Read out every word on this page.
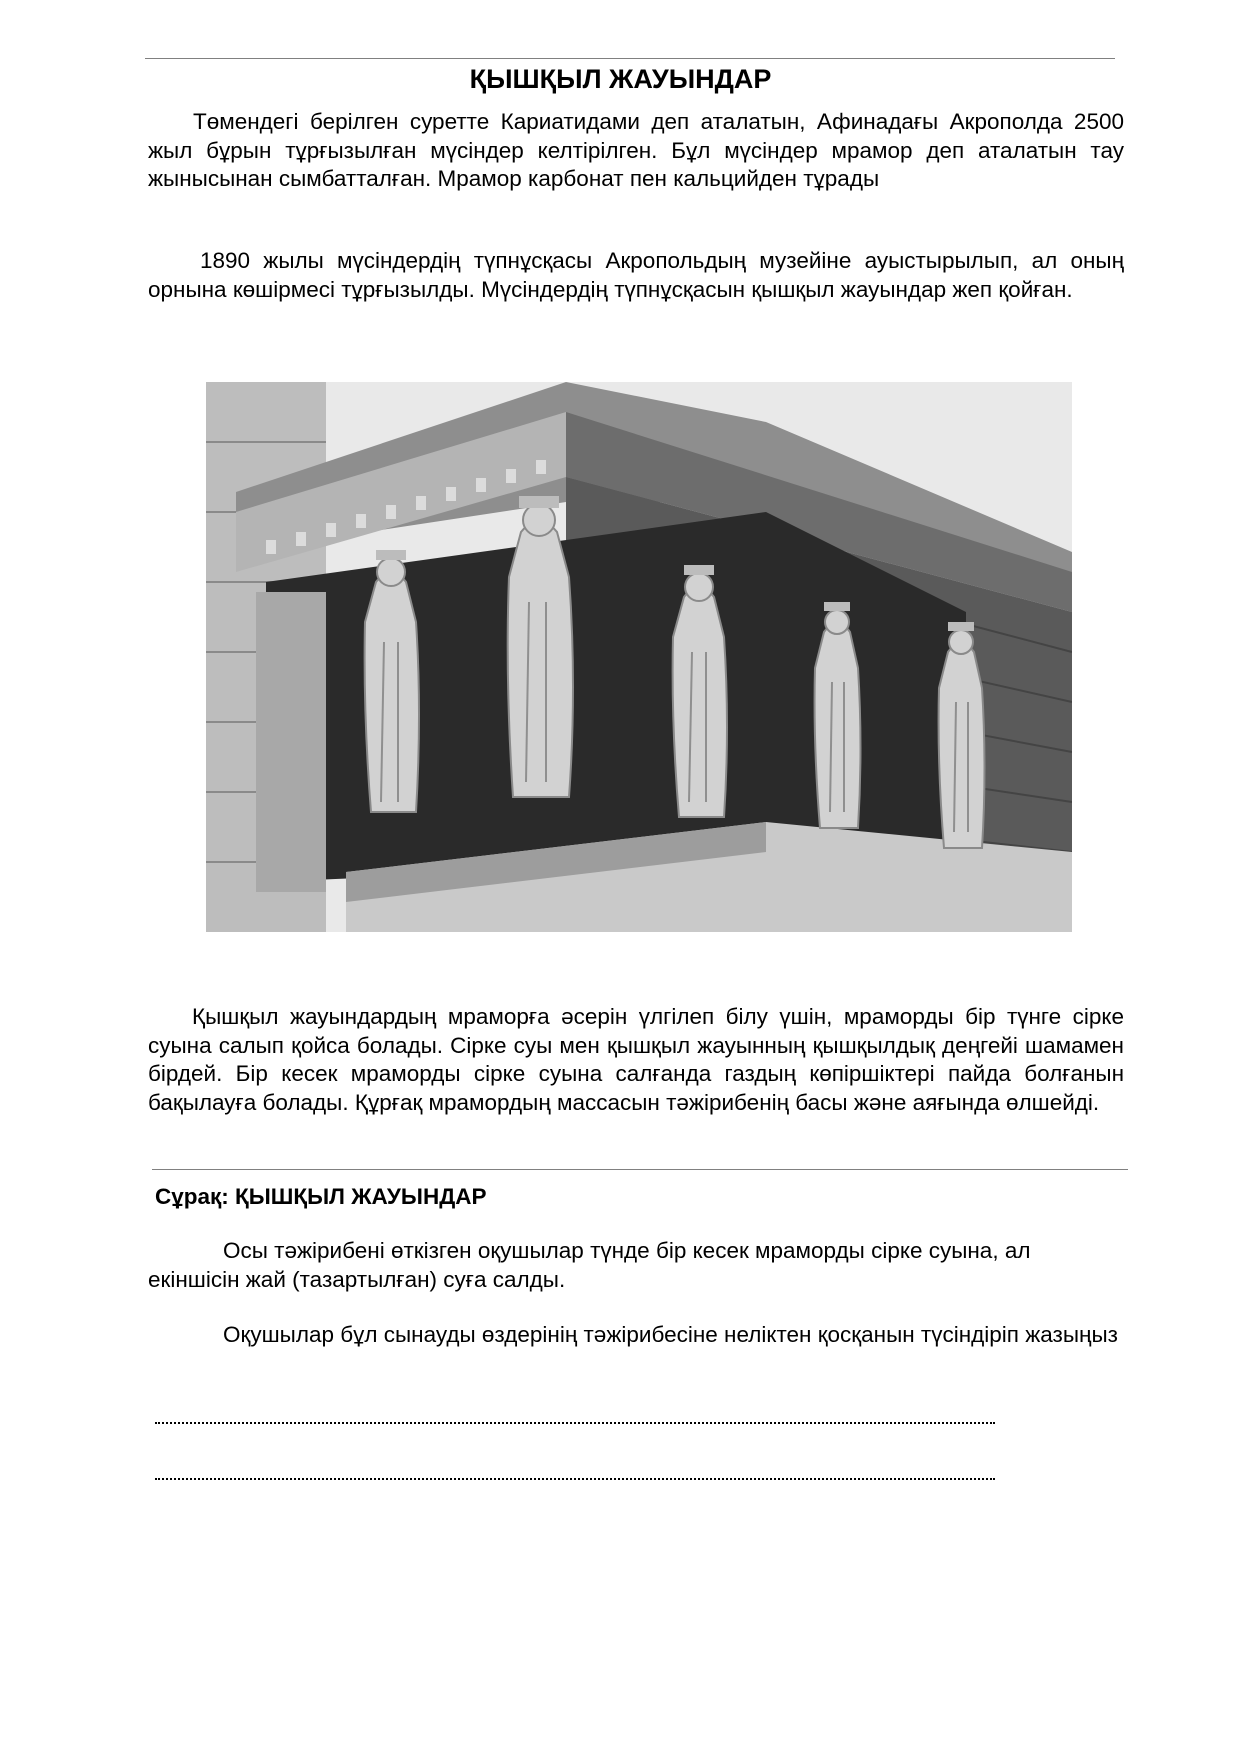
ҚЫШҚЫЛ ЖАУЫНДАР

Төмендегі берілген суретте Кариатидами деп аталатын, Афинадағы Акрополда 2500 жыл бұрын тұрғызылған мүсіндер келтірілген. Бұл мүсіндер мрамор деп аталатын тау жынысынан сымбатталған. Мрамор карбонат пен кальцийден тұрады

1890 жылы мүсіндердің түпнұсқасы Акропольдың музейіне ауыстырылып, ал оның орнына көшірмесі тұрғызылды. Мүсіндердің түпнұсқасын қышқыл жауындар жеп қойған.

Қышқыл жауындардың мраморға әсерін үлгілеп білу үшін, мраморды бір түнге сірке суына салып қойса болады. Сірке суы мен қышқыл жауынның қышқылдық деңгейі шамамен бірдей. Бір кесек мраморды сірке суына салғанда газдың көпіршіктері пайда болғанын бақылауға болады. Құрғақ мрамордың массасын тәжірибенің басы және аяғында өлшейді.

Сұрақ: ҚЫШҚЫЛ ЖАУЫНДАР

Осы тәжірибені өткізген оқушылар түнде бір кесек мраморды сірке суына, ал екіншісін жай (тазартылған) суға салды.

Оқушылар бұл сынауды өздерінің тәжірибесіне неліктен қосқанын түсіндіріп жазыңыз
